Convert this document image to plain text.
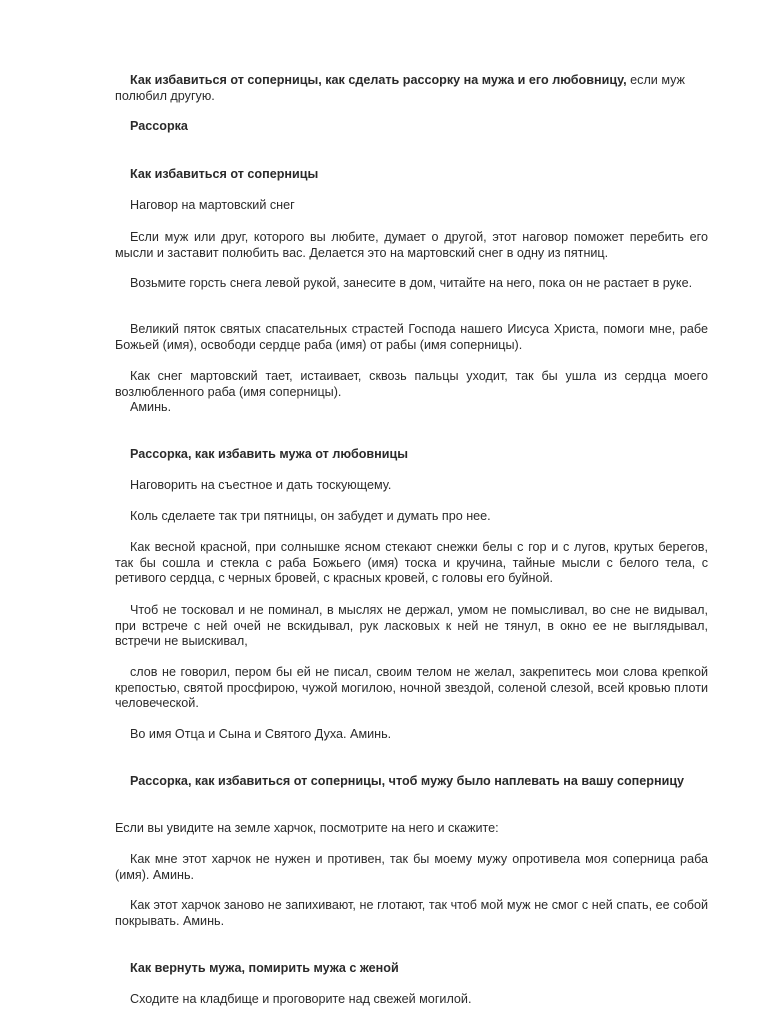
Как избавиться от соперницы, как сделать рассорку на мужа и его любовницу, если муж полюбил другую.

Рассорка

Как избавиться от соперницы

Наговор на мартовский снег

Если муж или друг, которого вы любите, думает о другой, этот наговор поможет перебить его мысли и заставит полюбить вас. Делается это на мартовский снег в одну из пятниц.

Возьмите горсть снега левой рукой, занесите в дом, читайте на него, пока он не растает в руке.

Великий пяток святых спасательных страстей Господа нашего Иисуса Христа, помоги мне, рабе Божьей (имя), освободи сердце раба (имя) от рабы (имя соперницы).

Как снег мартовский тает, истаивает, сквозь пальцы уходит, так бы ушла из сердца моего возлюбленного раба (имя соперницы).
Аминь.

Рассорка, как избавить мужа от любовницы

Наговорить на съестное и дать тоскующему.

Коль сделаете так три пятницы, он забудет и думать про нее.

Как весной красной, при солнышке ясном стекают снежки белы с гор и с лугов, крутых берегов, так бы сошла и стекла с раба Божьего (имя) тоска и кручина, тайные мысли с белого тела, с ретивого сердца, с черных бровей, с красных кровей, с головы его буйной.

Чтоб не тосковал и не поминал, в мыслях не держал, умом не помысливал, во сне не видывал, при встрече с ней очей не вскидывал, рук ласковых к ней не тянул, в окно ее не выглядывал, встречи не выискивал,

слов не говорил, пером бы ей не писал, своим телом не желал, закрепитесь мои слова крепкой крепостью, святой просфирою, чужой могилою, ночной звездой, соленой слезой, всей кровью плоти человеческой.

Во имя Отца и Сына и Святого Духа. Аминь.

Рассорка, как избавиться от соперницы, чтоб мужу было наплевать на вашу соперницу

Если вы увидите на земле харчок, посмотрите на него и скажите:

Как мне этот харчок не нужен и противен, так бы моему мужу опротивела моя соперница раба (имя). Аминь.

Как этот харчок заново не запихивают, не глотают, так чтоб мой муж не смог с ней спать, ее собой покрывать. Аминь.

Как вернуть мужа, помирить мужа с женой

Сходите на кладбище и проговорите над свежей могилой.
